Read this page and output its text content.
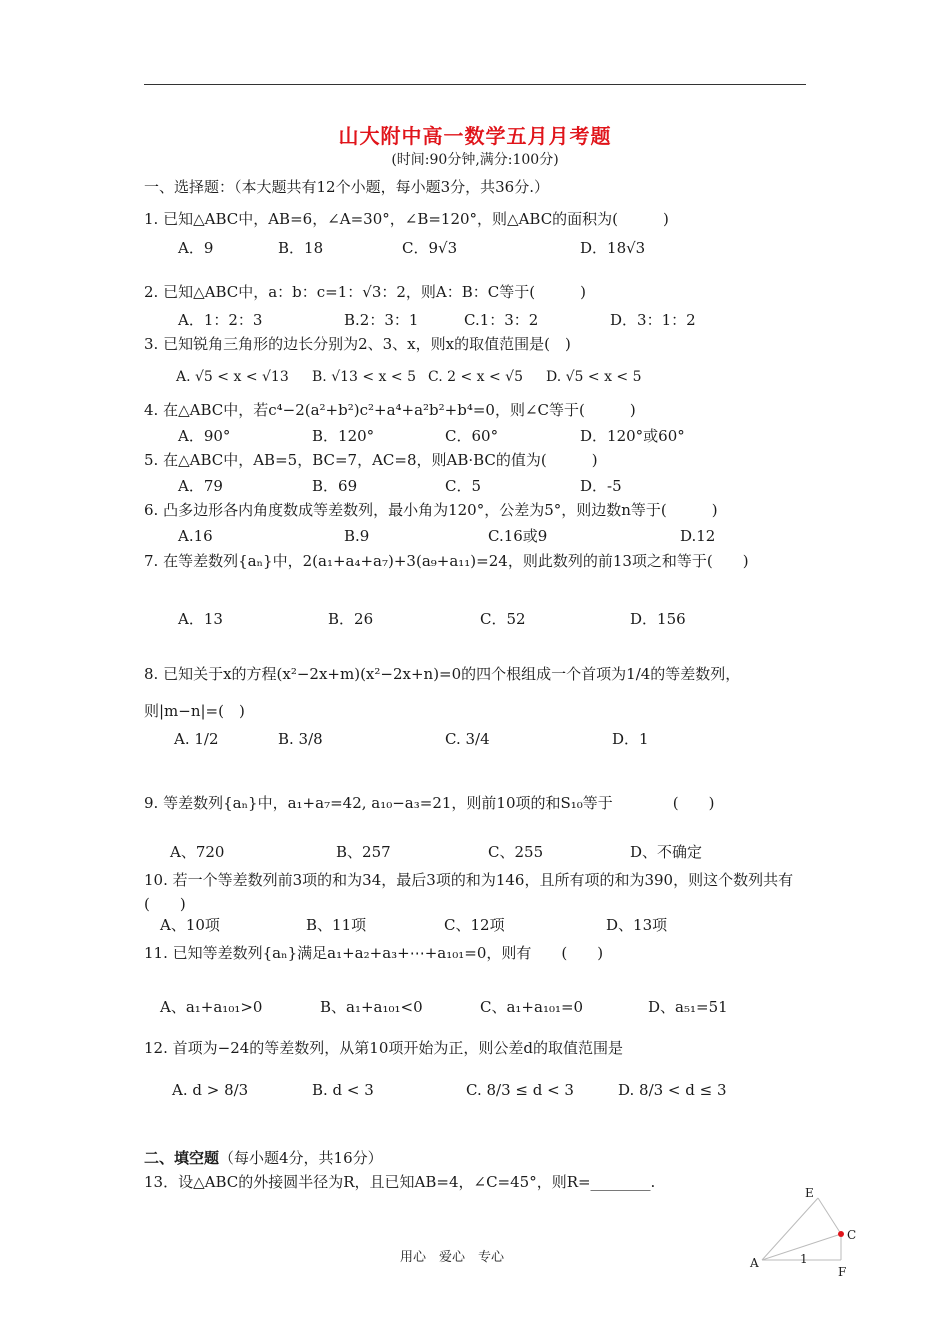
山大附中高一数学五月月考题
(时间:90分钟,满分:100分)
一、选择题：（本大题共有12个小题，每小题3分，共36分.）
1. 已知△ABC中，AB=6，∠A=30°，∠B=120°，则△ABC的面积为(　　　)
A．9	B．18	C．9√3	D．18√3
2. 已知△ABC中，a：b：c=1：√3：2，则A：B：C等于(　　　)
A．1：2：3	B.2：3：1	C.1：3：2	D．3：1：2
3. 已知锐角三角形的边长分别为2、3、x，则x的取值范围是(　)
A. √5 < x < √13 B. √13 < x < 5 C. 2 < x < √5 D. √5 < x < 5
4. 在△ABC中，若c⁴−2(a²+b²)c²+a⁴+a²b²+b⁴=0，则∠C等于(　　　)
A．90°	B．120°	C．60°	D．120°或60°
5. 在△ABC中，AB=5，BC=7，AC=8，则AB·BC的值为(　　　)
A．79	B．69	C．5	D．-5
6. 凸多边形各内角度数成等差数列，最小角为120°，公差为5°，则边数n等于(　　　)
A.16	B.9	C.16或9	D.12
7. 在等差数列{aₙ}中，2(a₁+a₄+a₇)+3(a₉+a₁₁)=24，则此数列的前13项之和等于(　　)
A．13	B．26	C．52	D．156
8. 已知关于x的方程(x²−2x+m)(x²−2x+n)=0的四个根组成一个首项为1/4的等差数列，则|m−n|=(　)
A. 1/2	B. 3/8	C. 3/4	D．1
9. 等差数列{aₙ}中，a₁+a₇=42, a₁₀−a₃=21，则前10项的和S₁₀等于　　　　(　　)
A、720	B、257	C、255	D、不确定
10. 若一个等差数列前3项的和为34，最后3项的和为146，且所有项的和为390，则这个数列共有(　　)
A、10项	B、11项	C、12项	D、13项
11. 已知等差数列{aₙ}满足a₁+a₂+a₃+⋯+a₁₀₁=0，则有　　(　　)
A、a₁+a₁₀₁>0	B、a₁+a₁₀₁<0	C、a₁+a₁₀₁=0	D、a₅₁=51
12. 首项为−24的等差数列，从第10项开始为正，则公差d的取值范围是
A. d > 8/3	B. d < 3	C. 8/3 ≤ d < 3	D. 8/3 < d ≤ 3
二、填空题（每小题4分，共16分）
13．设△ABC的外接圆半径为R，且已知AB=4，∠C=45°，则R=________.
E
C
A	1
F
用心　爱心　专心
